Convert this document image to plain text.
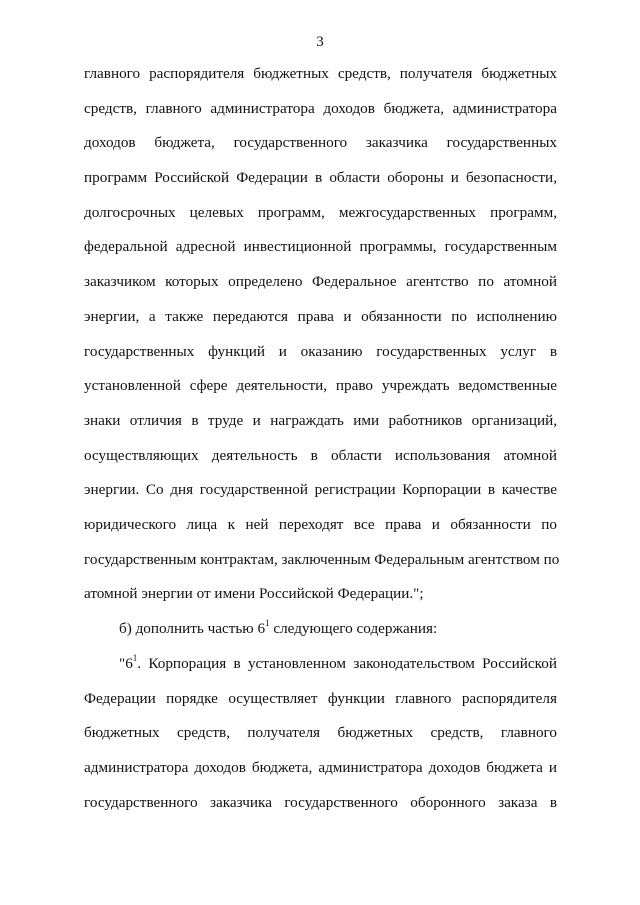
3
главного распорядителя бюджетных средств, получателя бюджетных
средств, главного администратора доходов бюджета, администратора
доходов бюджета, государственного заказчика государственных
программ Российской Федерации в области обороны и безопасности,
долгосрочных целевых программ, межгосударственных программ,
федеральной адресной инвестиционной программы, государственным
заказчиком которых определено Федеральное агентство по атомной
энергии, а также передаются права и обязанности по исполнению
государственных функций и оказанию государственных услуг в
установленной сфере деятельности, право учреждать ведомственные
знаки отличия в труде и награждать ими работников организаций,
осуществляющих деятельность в области использования атомной
энергии. Со дня государственной регистрации Корпорации в качестве
юридического лица к ней переходят все права и обязанности по
государственным контрактам, заключенным Федеральным агентством по
атомной энергии от имени Российской Федерации.";
б) дополнить частью $6^1$ следующего содержания:
"$6^1$. Корпорация в установленном законодательством Российской
Федерации порядке осуществляет функции главного распорядителя
бюджетных средств, получателя бюджетных средств, главного
администратора доходов бюджета, администратора доходов бюджета и
государственного заказчика государственного оборонного заказа в
